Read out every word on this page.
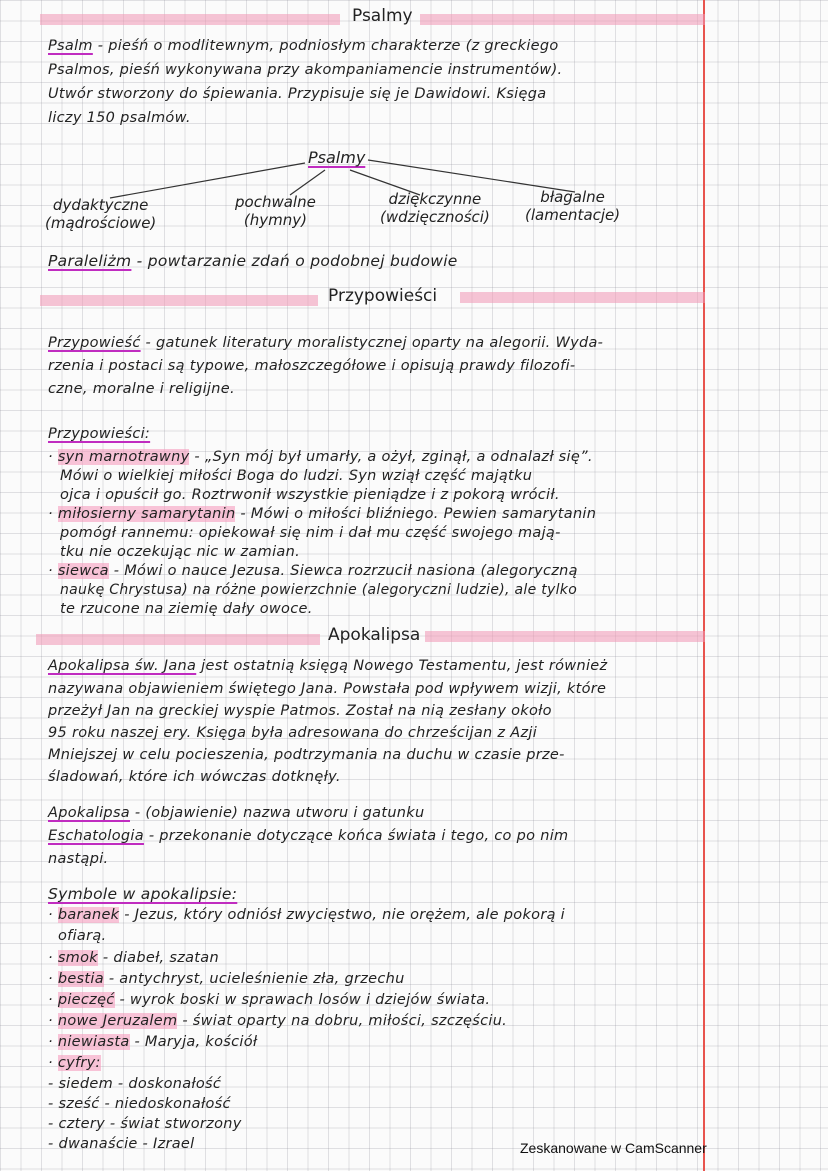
Psalmy
Psalm - pieśń o modlitewnym, podniosłym charakterze (z greckiego
Psalmos, pieśń wykonywana przy akompaniamencie instrumentów).
Utwór stworzony do śpiewania. Przypisuje się je Dawidowi. Księga
liczy 150 psalmów.
Psalmy
dydaktyczne
(mądrościowe)
pochwalne
(hymny)
dziękczynne
(wdzięczności)
błagalne
(lamentacje)
Paraleliżm - powtarzanie zdań o podobnej budowie
Przypowieści
Przypowieść - gatunek literatury moralistycznej oparty na alegorii. Wyda-
rzenia i postaci są typowe, małoszczegółowe i opisują prawdy filozofi-
czne, moralne i religijne.
Przypowieści:
· syn marnotrawny - „Syn mój był umarły, a ożył, zginął, a odnalazł się”.
Mówi o wielkiej miłości Boga do ludzi. Syn wziął część majątku
ojca i opuścił go. Roztrwonił wszystkie pieniądze i z pokorą wrócił.
· miłosierny samarytanin - Mówi o miłości bliźniego. Pewien samarytanin
pomógł rannemu: opiekował się nim i dał mu część swojego mają-
tku nie oczekując nic w zamian.
· siewca - Mówi o nauce Jezusa. Siewca rozrzucił nasiona (alegoryczną
naukę Chrystusa) na różne powierzchnie (alegoryczni ludzie), ale tylko
te rzucone na ziemię dały owoce.
Apokalipsa
Apokalipsa św. Jana jest ostatnią księgą Nowego Testamentu, jest również
nazywana objawieniem świętego Jana. Powstała pod wpływem wizji, które
przeżył Jan na greckiej wyspie Patmos. Został na nią zesłany około
95 roku naszej ery. Księga była adresowana do chrześcijan z Azji
Mniejszej w celu pocieszenia, podtrzymania na duchu w czasie prze-
śladowań, które ich wówczas dotknęły.
Apokalipsa - (objawienie) nazwa utworu i gatunku
Eschatologia - przekonanie dotyczące końca świata i tego, co po nim
nastąpi.
Symbole w apokalipsie:
· baranek - Jezus, który odniósł zwycięstwo, nie orężem, ale pokorą i
ofiarą.
· smok - diabeł, szatan
· bestia - antychryst, ucieleśnienie zła, grzechu
· pieczęć - wyrok boski w sprawach losów i dziejów świata.
· nowe Jeruzalem - świat oparty na dobru, miłości, szczęściu.
· niewiasta - Maryja, kościół
· cyfry:
- siedem - doskonałość
- sześć - niedoskonałość
- cztery - świat stworzony
- dwanaście - Izrael	Zeskanowane w CamScanner
